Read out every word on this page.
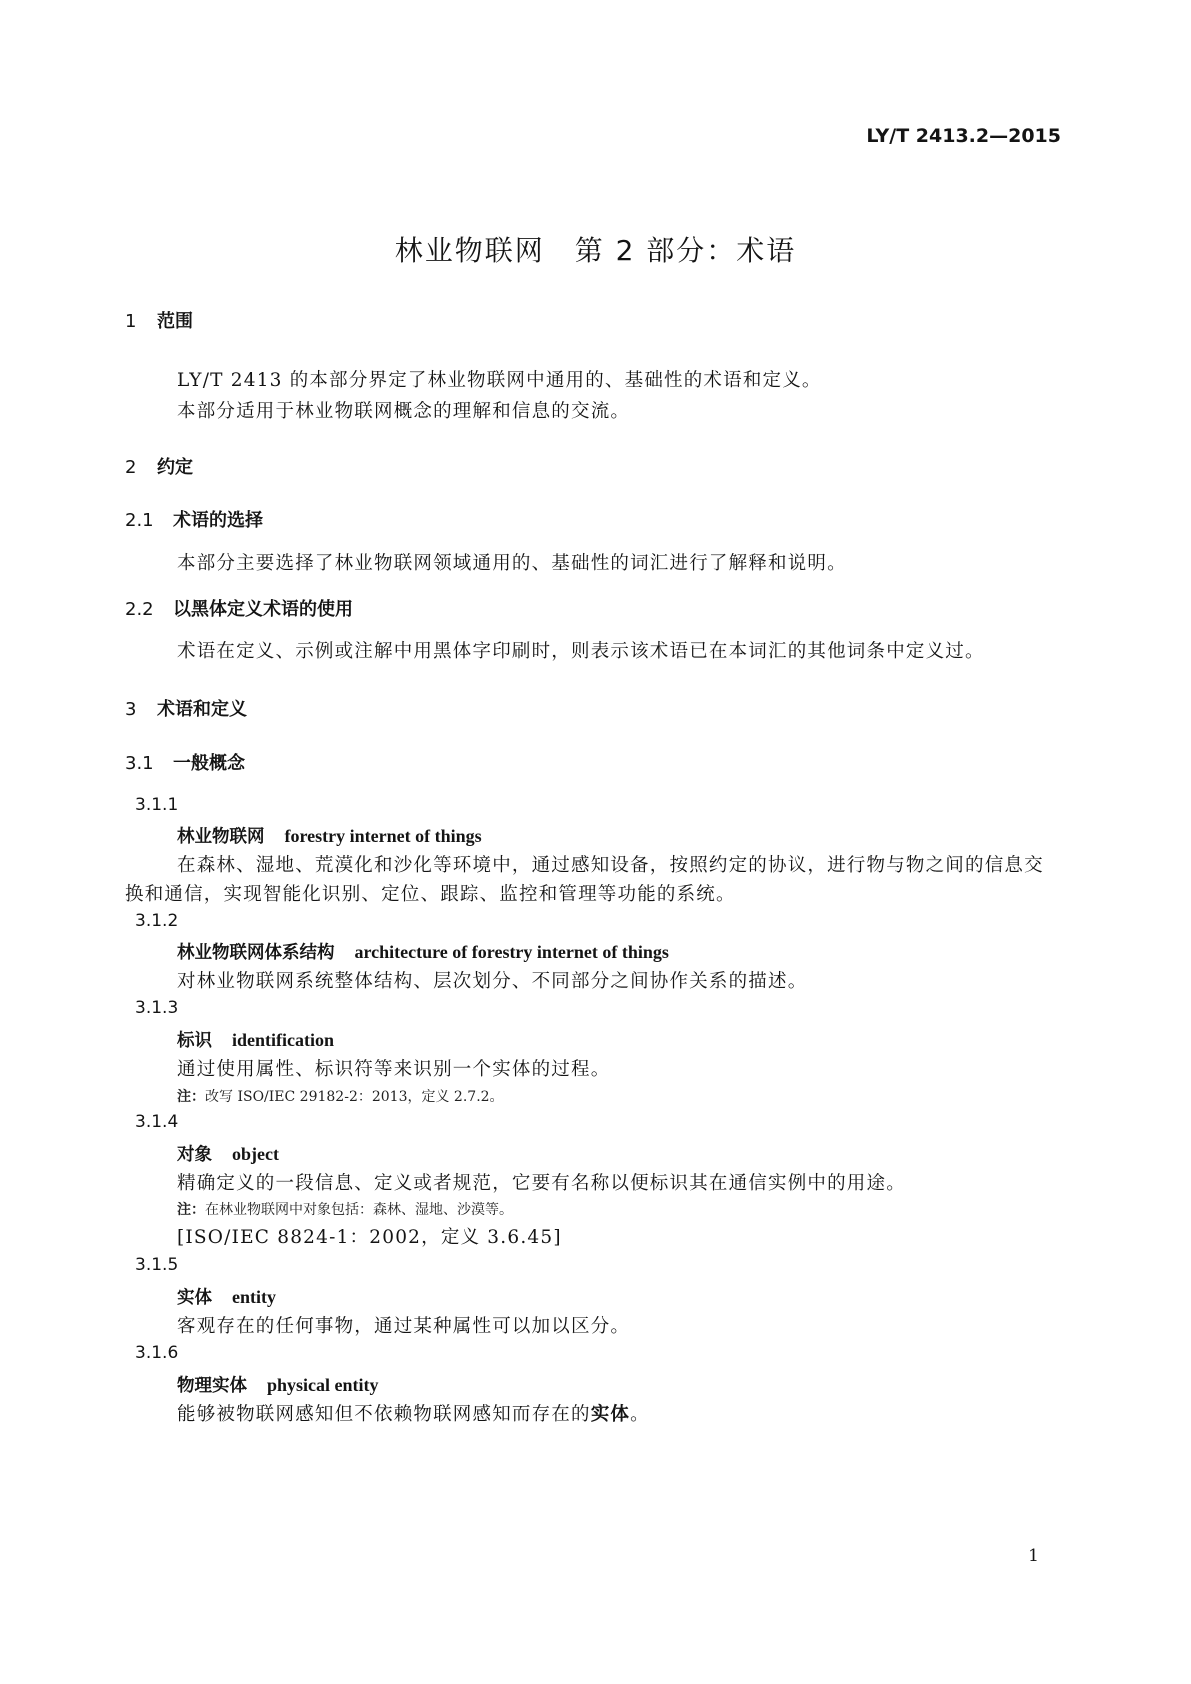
LY/T 2413.2—2015
林业物联网　第 2 部分：术语
1 范围
LY/T 2413 的本部分界定了林业物联网中通用的、基础性的术语和定义。
本部分适用于林业物联网概念的理解和信息的交流。
2 约定
2.1 术语的选择
本部分主要选择了林业物联网领域通用的、基础性的词汇进行了解释和说明。
2.2 以黑体定义术语的使用
术语在定义、示例或注解中用黑体字印刷时，则表示该术语已在本词汇的其他词条中定义过。
3 术语和定义
3.1 一般概念
3.1.1
林业物联网 forestry internet of things
在森林、湿地、荒漠化和沙化等环境中，通过感知设备，按照约定的协议，进行物与物之间的信息交
换和通信，实现智能化识别、定位、跟踪、监控和管理等功能的系统。
3.1.2
林业物联网体系结构 architecture of forestry internet of things
对林业物联网系统整体结构、层次划分、不同部分之间协作关系的描述。
3.1.3
标识 identification
通过使用属性、标识符等来识别一个实体的过程。
注：改写 ISO/IEC 29182-2：2013，定义 2.7.2。
3.1.4
对象 object
精确定义的一段信息、定义或者规范，它要有名称以便标识其在通信实例中的用途。
注：在林业物联网中对象包括：森林、湿地、沙漠等。
[ISO/IEC 8824-1：2002，定义 3.6.45]
3.1.5
实体 entity
客观存在的任何事物，通过某种属性可以加以区分。
3.1.6
物理实体 physical entity
能够被物联网感知但不依赖物联网感知而存在的实体。
1
